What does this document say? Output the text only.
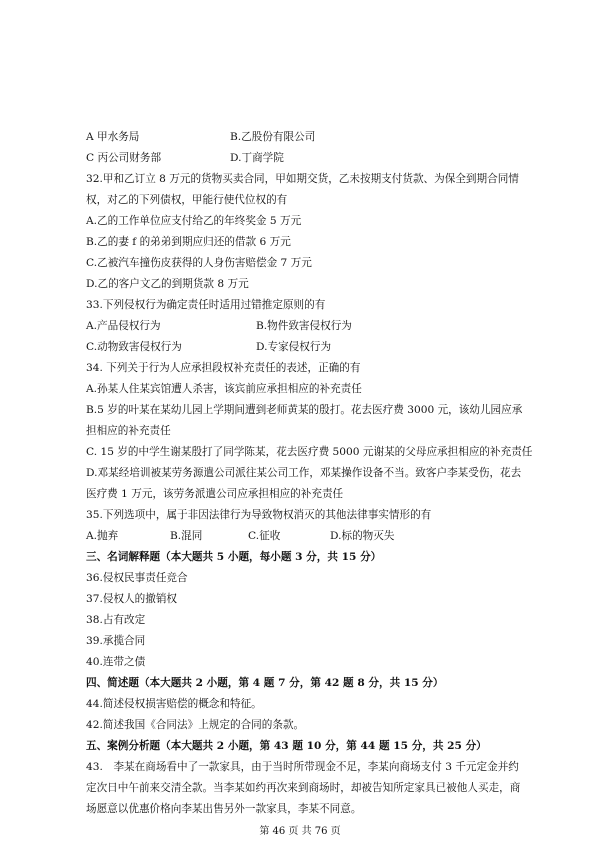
A 甲水务局	B.乙股份有限公司
C 丙公司财务部	D.丁商学院
32.甲和乙订立 8 万元的货物买卖合同，甲如期交货，乙未按期支付货款、为保全到期合同情
权，对乙的下列债权，甲能行使代位权的有
A.乙的工作单位应支付给乙的年终奖金 5 万元
B.乙的妻 f 的弟弟到期应归还的借款 6 万元
C.乙被汽车撞伤皮获得的人身伤害赔偿金 7 万元
D.乙的客户文乙的到期货款 8 万元
33.下列侵权行为确定责任时适用过错推定原则的有
A.产品侵权行为	B.物件致害侵权行为
C.动物致害侵权行为	D.专家侵权行为
34. 下列关于行为人应承担段权补充责任的表述，正确的有
A.孙某人住某宾馆遭人杀害，该宾前应承担相应的补充责任
B.5 岁的叶某在某幼儿园上学期间遭到老师黄某的殷打。花去医疗费 3000 元，该幼儿园应承
担相应的补充责任
C. 15 岁的中学生谢某殷打了同学陈某，花去医疗费 5000 元谢某的父母应承担相应的补充责任
D.邓某经培训被某劳务源遣公司派往某公司工作，邓某操作设备不当。致客户李某受伤，花去
医疗费 1 万元，该劳务派遣公司应承担相应的补充责任
35.下列选项中，属于非因法律行为导致物权消灭的其他法律事实情形的有
A.抛弃	B.混同	C.征收	D.标的物灭失
三、名词解释题（本大题共 5 小题，每小题 3 分，共 15 分）
36.侵权民事责任竞合
37.侵权人的撤销权
38.占有改定
39.承揽合同
40.连带之债
四、简述题（本大题共 2 小题，第 4 题 7 分，第 42 题 8 分，共 15 分）
44.简述侵权损害赔偿的概念和特征。
42.简述我国《合同法》上规定的合同的条款。
五、案例分析题（本大题共 2 小题，第 43 题 10 分，第 44 题 15 分，共 25 分）
43.　李某在商场看中了一款家具，由于当时所带现金不足，李某向商场支付 3 千元定金并约
定次日中午前来交清全款。当李某如约再次来到商场时，却被告知所定家具已被他人买走，商
场愿意以优惠价格向李某出售另外一款家具，李某不同意。
第 46 页 共 76 页
